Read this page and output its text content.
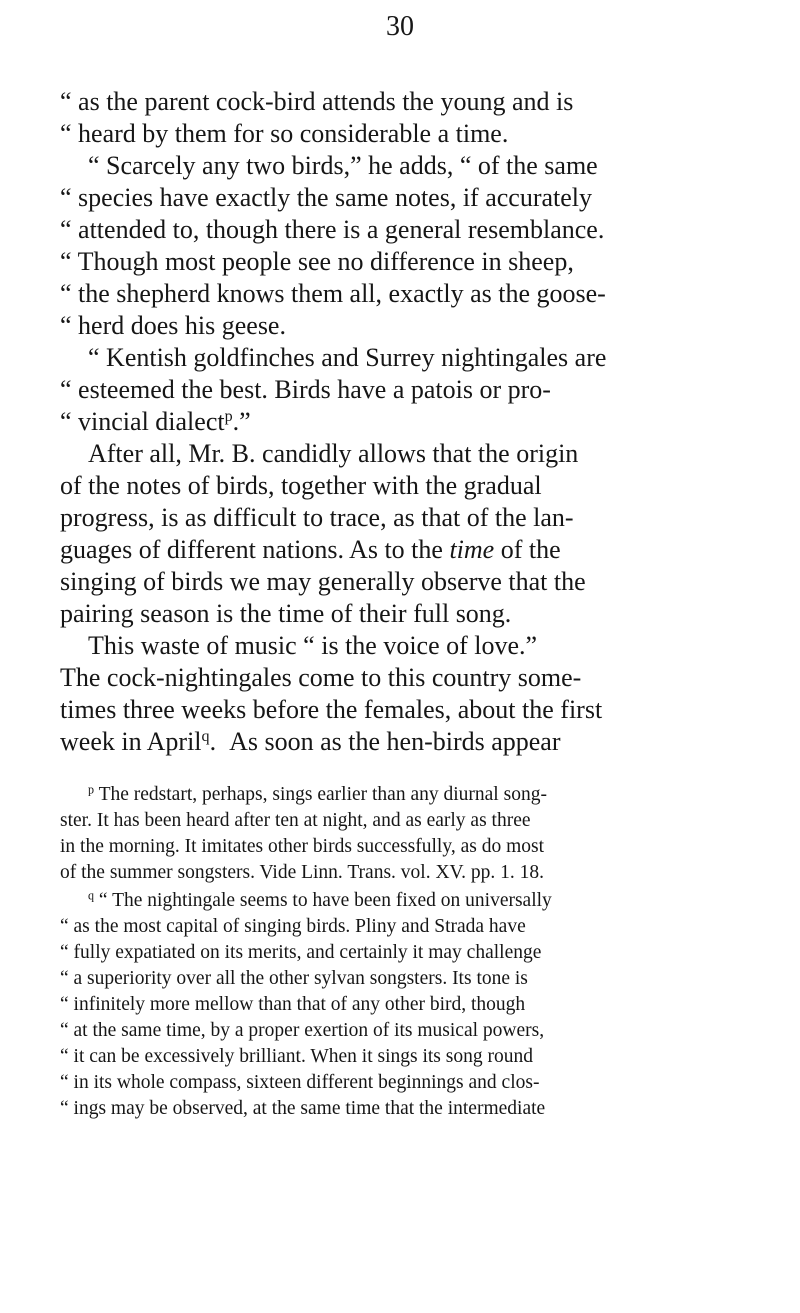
30
“ as the parent cock-bird attends the young and is
“ heard by them for so considerable a time.
“ Scarcely any two birds,” he adds, “ of the same
“ species have exactly the same notes, if accurately
“ attended to, though there is a general resemblance.
“ Though most people see no difference in sheep,
“ the shepherd knows them all, exactly as the goose-
“ herd does his geese.
“ Kentish goldfinches and Surrey nightingales are
“ esteemed the best. Birds have a patois or pro-
“ vincial dialect$^p$.”
After all, Mr. B. candidly allows that the origin
of the notes of birds, together with the gradual
progress, is as difficult to trace, as that of the lan-
guages of different nations. As to the time of the
singing of birds we may generally observe that the
pairing season is the time of their full song.
This waste of music “ is the voice of love.”
The cock-nightingales come to this country some-
times three weeks before the females, about the first
week in April$^q$. As soon as the hen-birds appear
$^p$ The redstart, perhaps, sings earlier than any diurnal song-
ster. It has been heard after ten at night, and as early as three
in the morning. It imitates other birds successfully, as do most
of the summer songsters. Vide Linn. Trans. vol. XV. pp. 1. 18.
$^q$ “ The nightingale seems to have been fixed on universally
“ as the most capital of singing birds. Pliny and Strada have
“ fully expatiated on its merits, and certainly it may challenge
“ a superiority over all the other sylvan songsters. Its tone is
“ infinitely more mellow than that of any other bird, though
“ at the same time, by a proper exertion of its musical powers,
“ it can be excessively brilliant. When it sings its song round
“ in its whole compass, sixteen different beginnings and clos-
“ ings may be observed, at the same time that the intermediate
